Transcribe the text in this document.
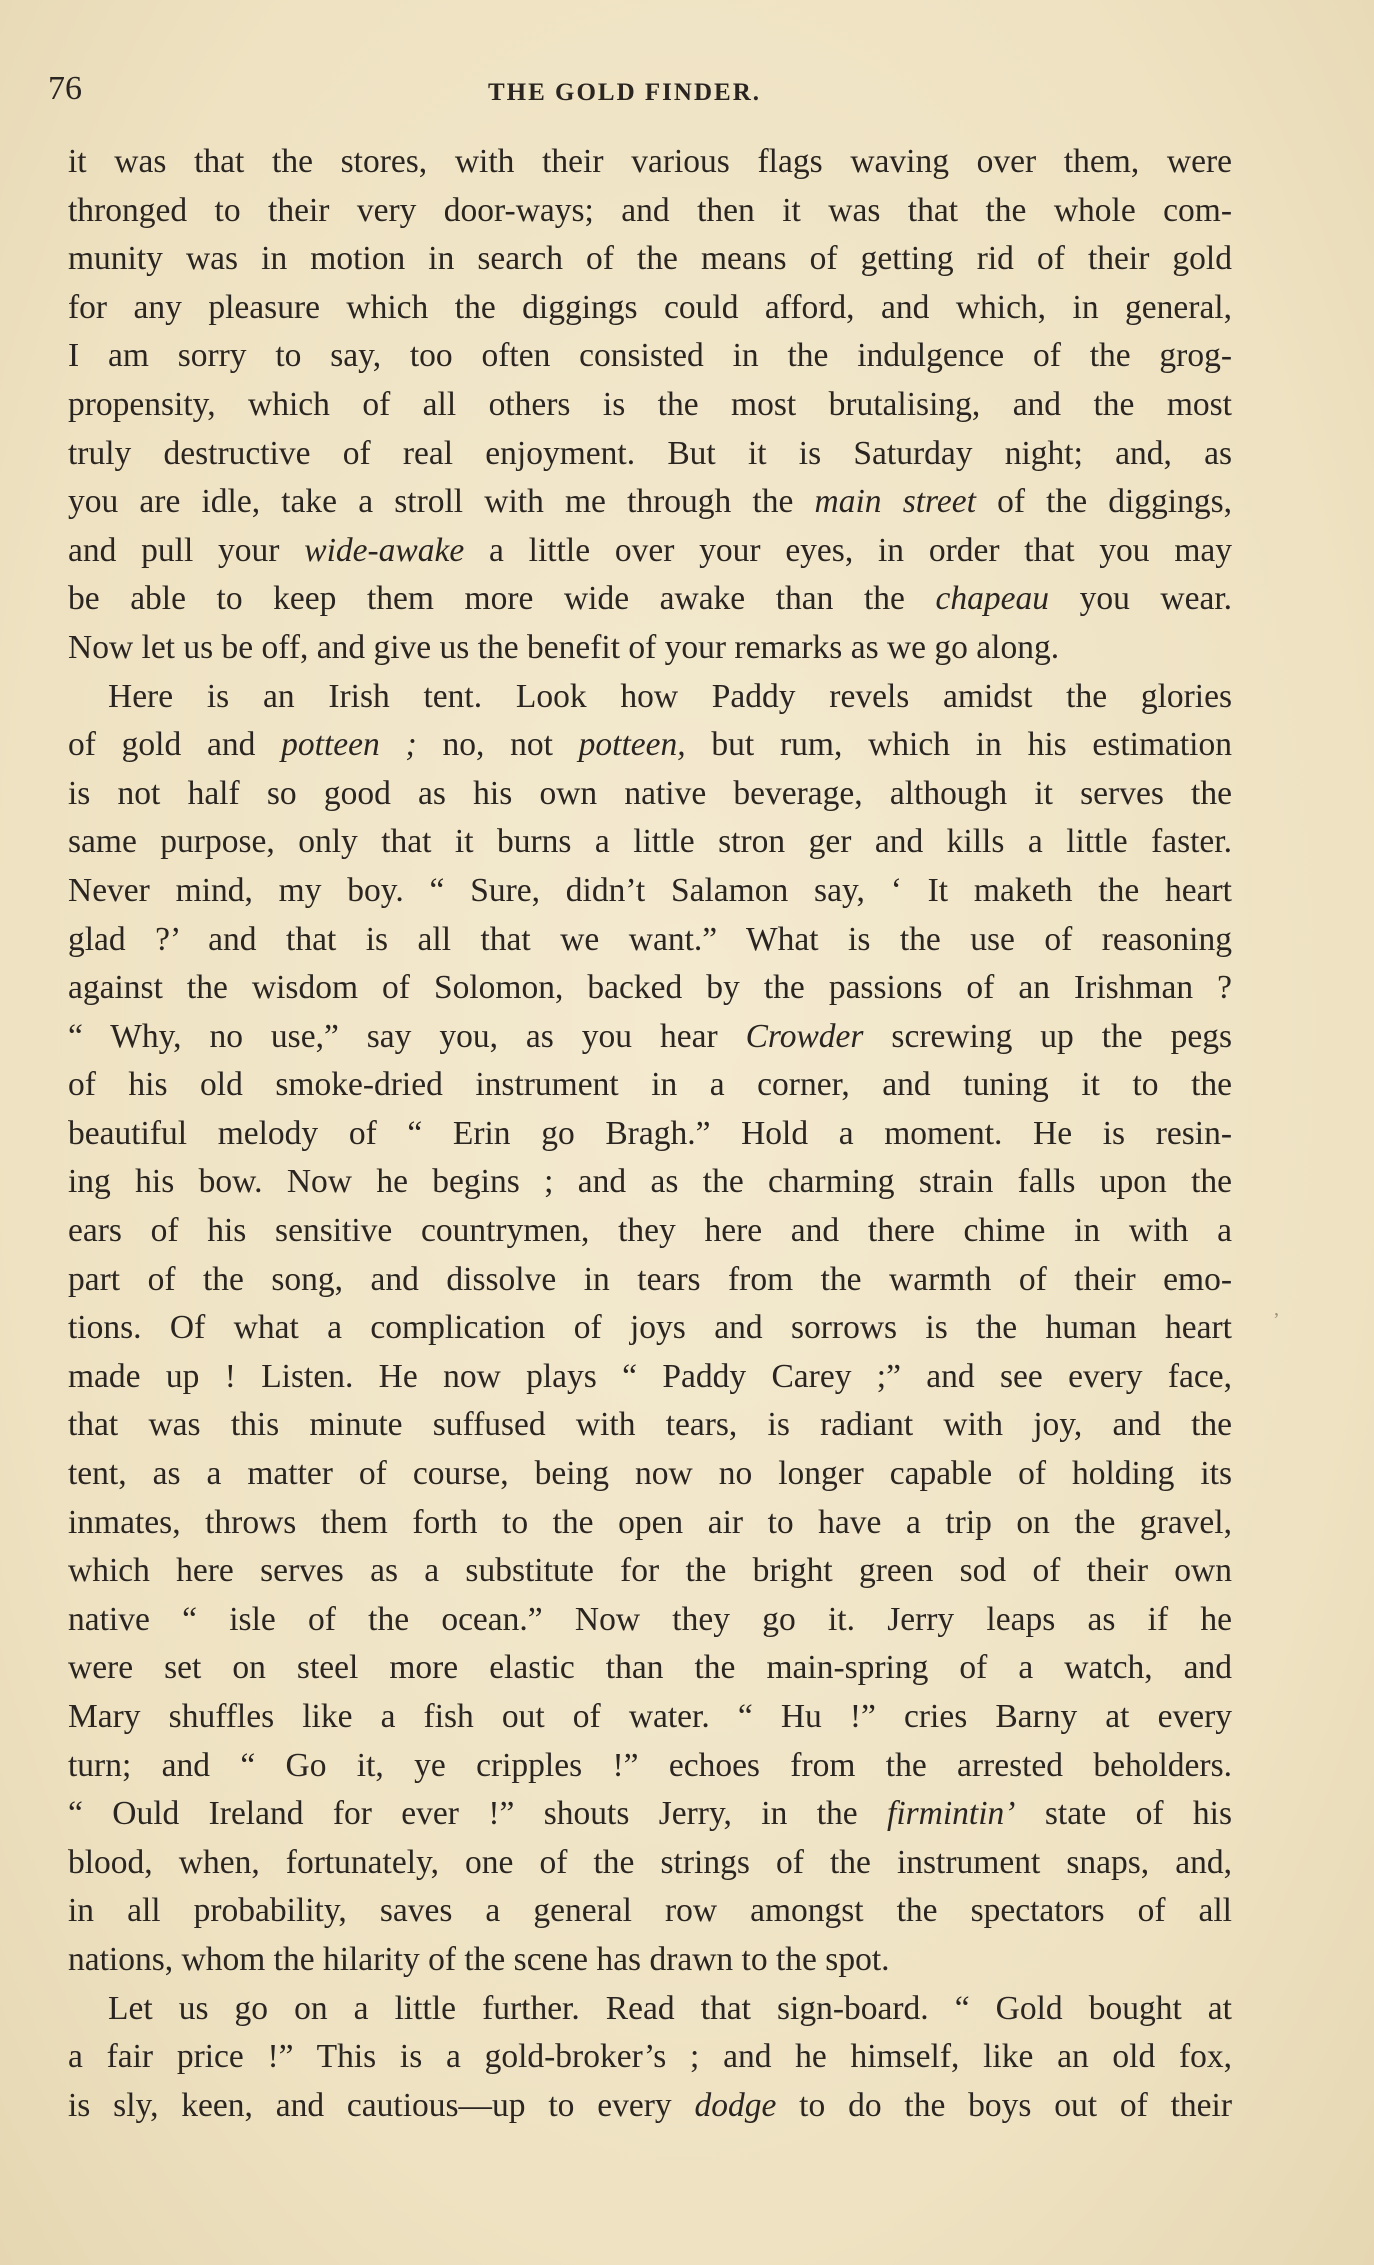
76	THE GOLD FINDER.
it was that the stores, with their various flags waving over them, were
thronged to their very door-ways; and then it was that the whole com-
munity was in motion in search of the means of getting rid of their gold
for any pleasure which the diggings could afford, and which, in general,
I am sorry to say, too often consisted in the indulgence of the grog-
propensity, which of all others is the most brutalising, and the most
truly destructive of real enjoyment. But it is Saturday night; and, as
you are idle, take a stroll with me through the main street of the diggings,
and pull your wide-awake a little over your eyes, in order that you may
be able to keep them more wide awake than the chapeau you wear.
Now let us be off, and give us the benefit of your remarks as we go along.
Here is an Irish tent. Look how Paddy revels amidst the glories
of gold and potteen ; no, not potteen, but rum, which in his estimation
is not half so good as his own native beverage, although it serves the
same purpose, only that it burns a little stron ger and kills a little faster.
Never mind, my boy. “ Sure, didn’t Salamon say, ‘ It maketh the heart
glad ?’ and that is all that we want.” What is the use of reasoning
against the wisdom of Solomon, backed by the passions of an Irishman ?
“ Why, no use,” say you, as you hear Crowder screwing up the pegs
of his old smoke-dried instrument in a corner, and tuning it to the
beautiful melody of “ Erin go Bragh.” Hold a moment. He is resin-
ing his bow. Now he begins ; and as the charming strain falls upon the
ears of his sensitive countrymen, they here and there chime in with a
part of the song, and dissolve in tears from the warmth of their emo-
tions. Of what a complication of joys and sorrows is the human heart
made up ! Listen. He now plays “ Paddy Carey ;” and see every face,
that was this minute suffused with tears, is radiant with joy, and the
tent, as a matter of course, being now no longer capable of holding its
inmates, throws them forth to the open air to have a trip on the gravel,
which here serves as a substitute for the bright green sod of their own
native “ isle of the ocean.” Now they go it. Jerry leaps as if he
were set on steel more elastic than the main-spring of a watch, and
Mary shuffles like a fish out of water. “ Hu !” cries Barny at every
turn; and “ Go it, ye cripples !” echoes from the arrested beholders.
“ Ould Ireland for ever !” shouts Jerry, in the firmintin’ state of his
blood, when, fortunately, one of the strings of the instrument snaps, and,
in all probability, saves a general row amongst the spectators of all
nations, whom the hilarity of the scene has drawn to the spot.
Let us go on a little further. Read that sign-board. “ Gold bought at
a fair price !” This is a gold-broker’s ; and he himself, like an old fox,
is sly, keen, and cautious—up to every dodge to do the boys out of their
,
